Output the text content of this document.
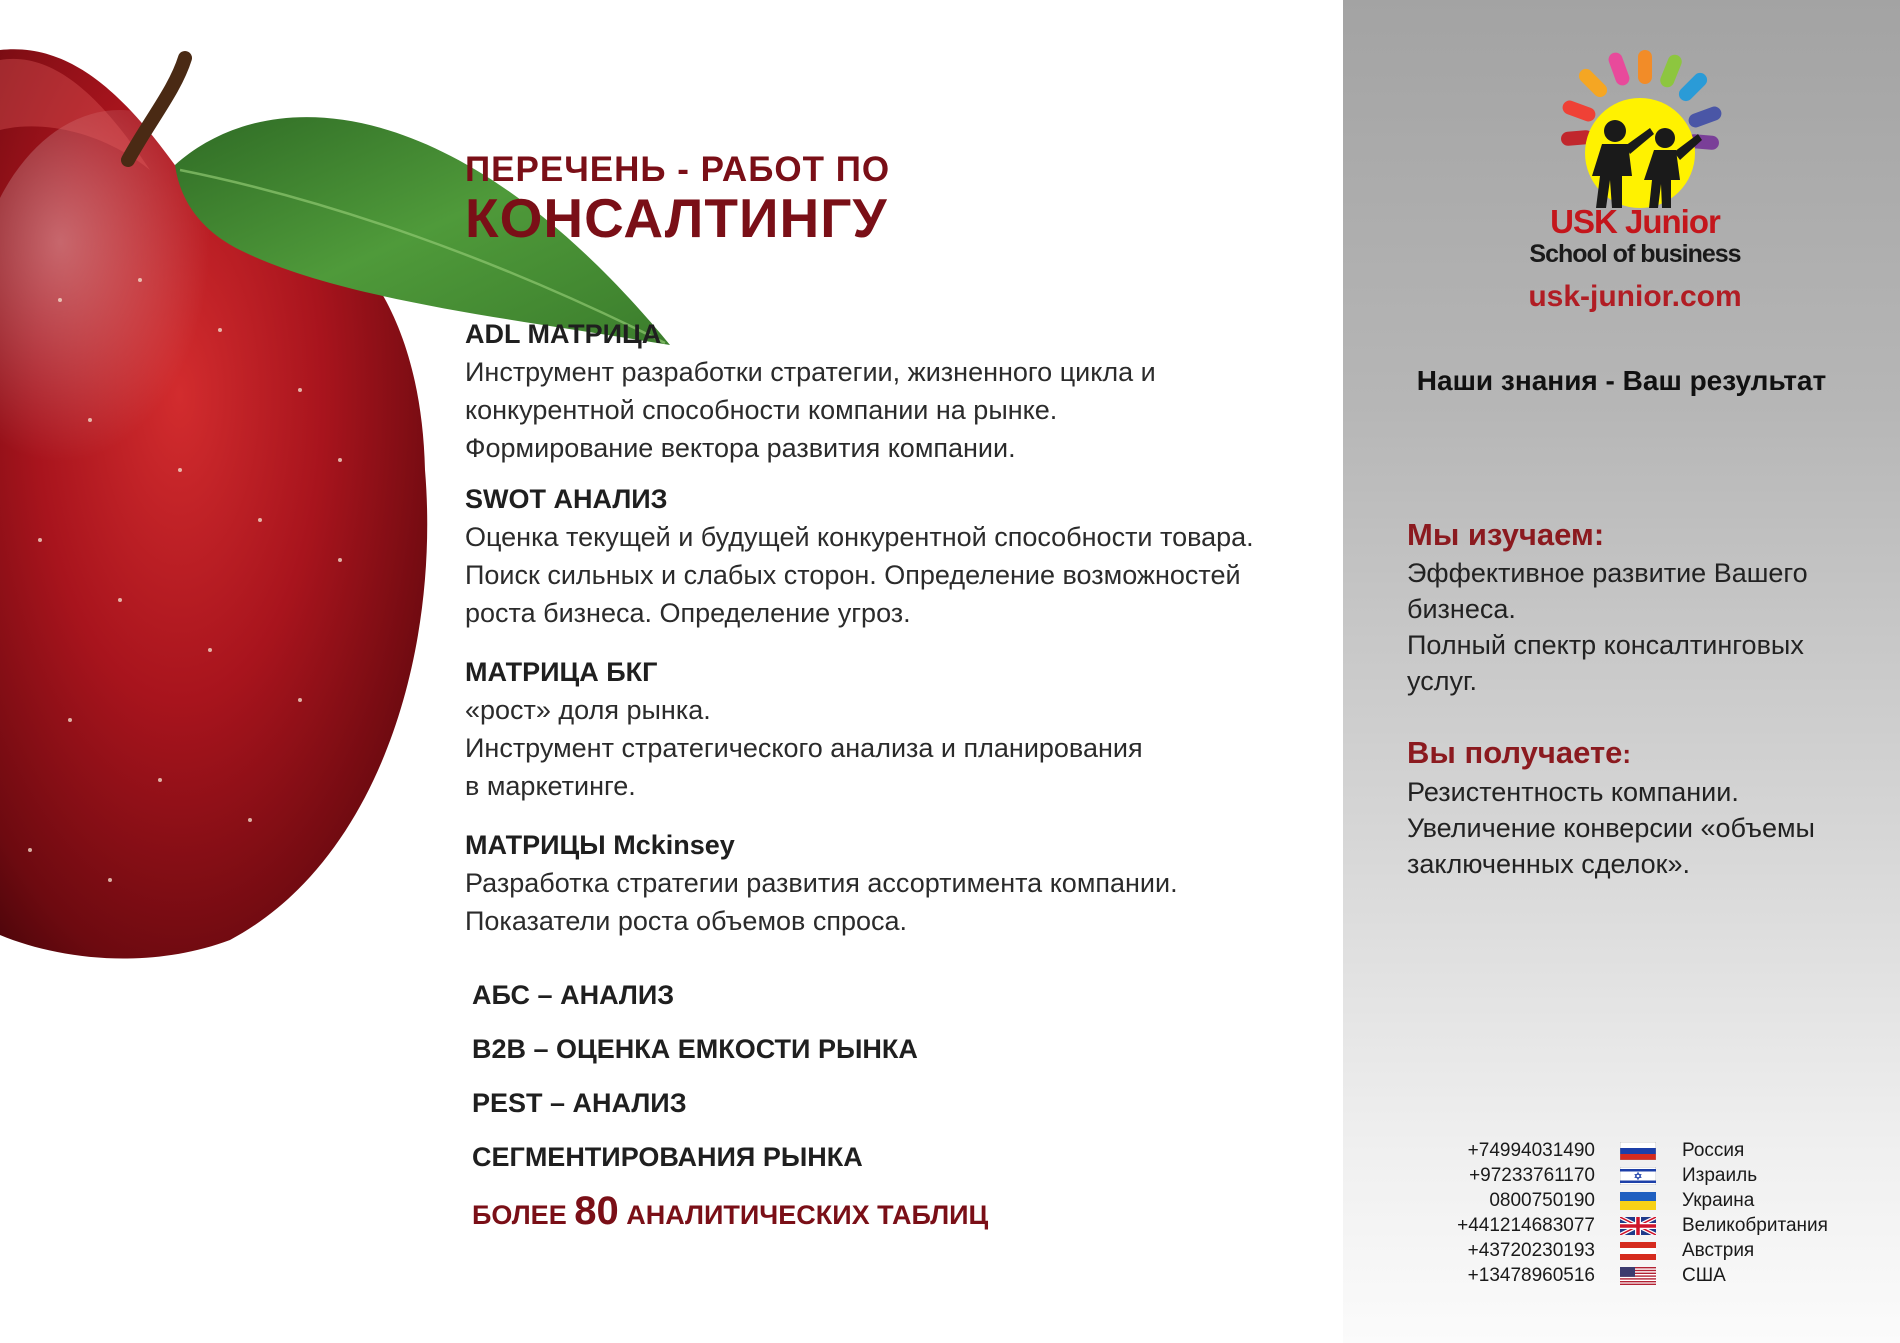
ПЕРЕЧЕНЬ - РАБОТ ПО
КОНСАЛТИНГУ
ADL МАТРИЦА
Инструмент разработки стратегии, жизненного цикла и
конкурентной способности компании на рынке.
Формирование вектора развития компании.
SWOT АНАЛИЗ
Оценка текущей и будущей конкурентной способности товара.
Поиск сильных и слабых сторон. Определение возможностей
роста бизнеса. Определение угроз.
МАТРИЦА БКГ
«рост» доля рынка.
Инструмент стратегического анализа и планирования
в маркетинге.
МАТРИЦЫ Mckinsey
Разработка стратегии развития ассортимента компании.
Показатели роста объемов спроса.
АБС – АНАЛИЗ
B2B – ОЦЕНКА ЕМКОСТИ РЫНКА
PEST – АНАЛИЗ
СЕГМЕНТИРОВАНИЯ РЫНКА
БОЛЕЕ 80 АНАЛИТИЧЕСКИХ ТАБЛИЦ
USK Junior
School of business
usk-junior.com
Наши знания - Ваш результат
Мы изучаем:
Эффективное развитие Вашего
бизнеса.
Полный спектр консалтинговых
услуг.
Вы получаете:
Резистентность компании.
Увеличение конверсии «объемы
заключенных сделок».
+74994031490	Россия
+97233761170	Израиль
0800750190	Украина
+441214683077	Великобритания
+43720230193	Австрия
+13478960516	США
